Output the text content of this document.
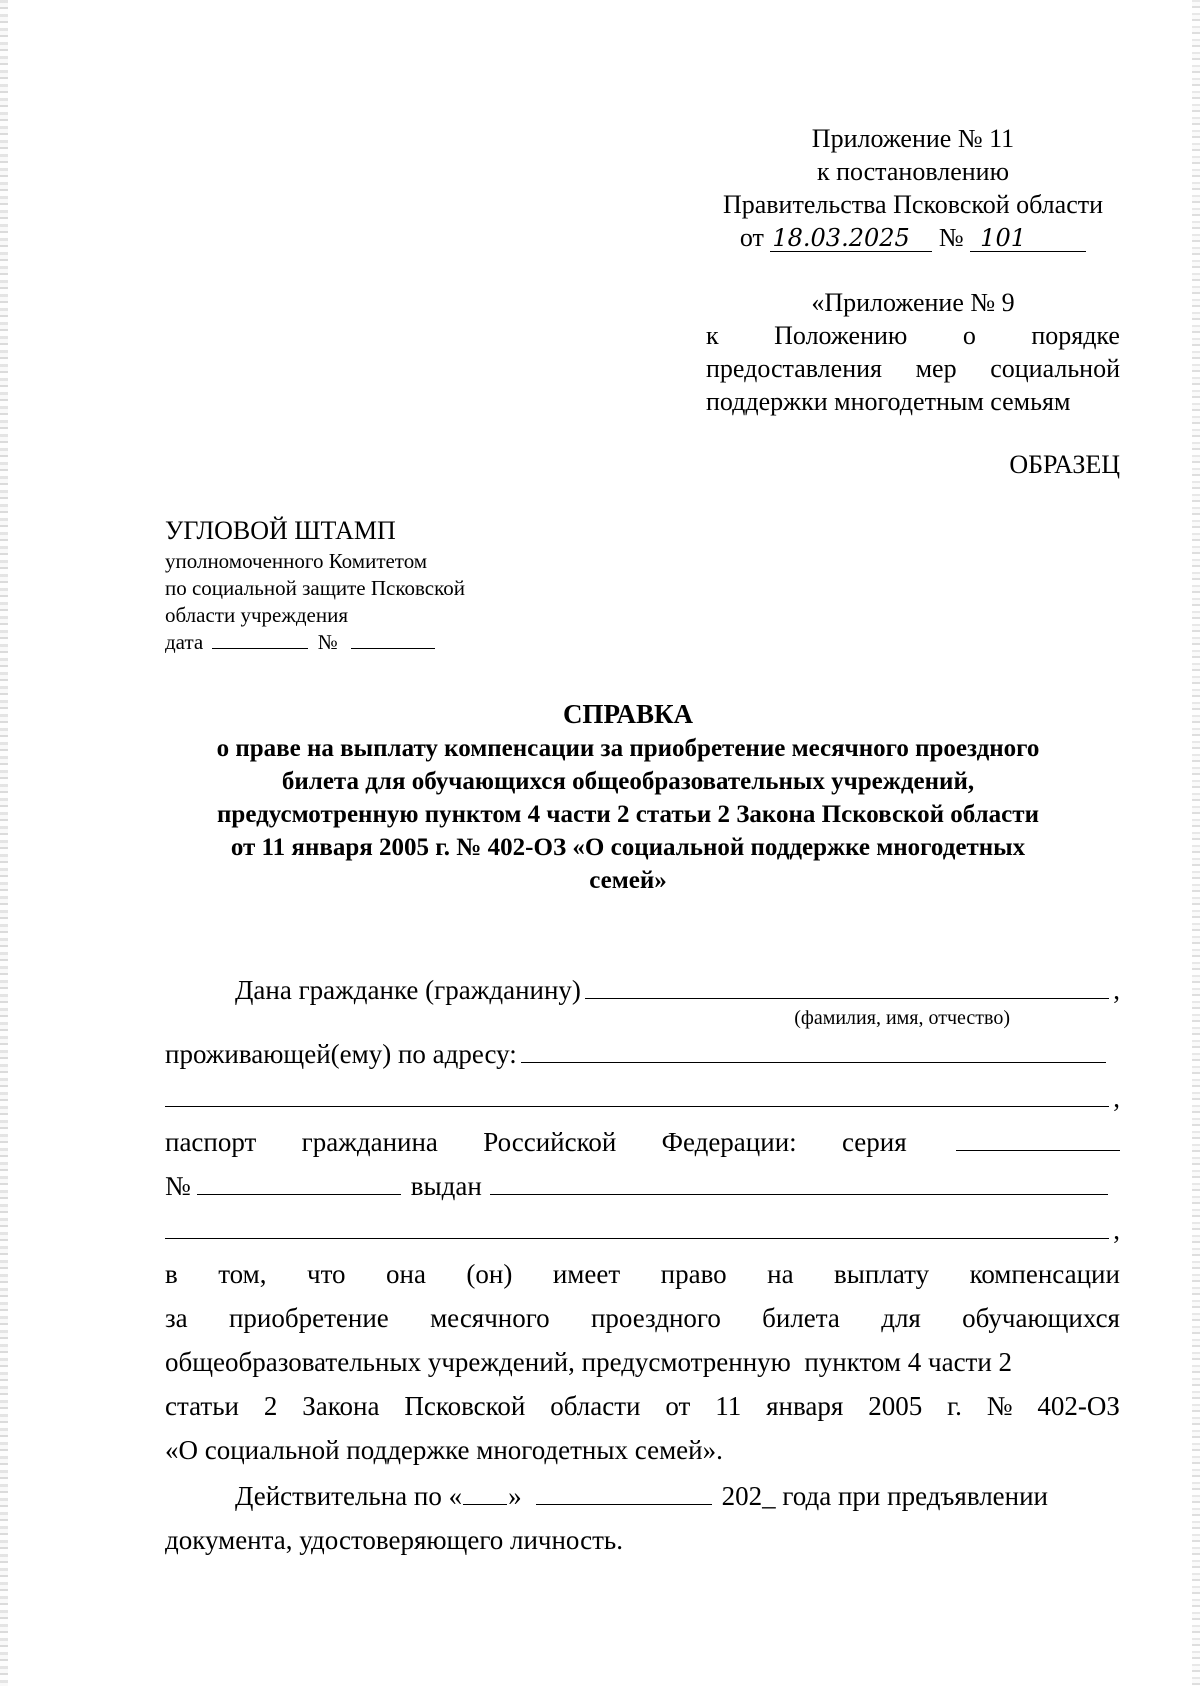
Приложение № 11
к постановлению
Правительства Псковской области
от 18.03.2025 № 101
«Приложение № 9
к Положению о порядке
предоставления мер социальной
поддержки многодетным семьям
ОБРАЗЕЦ
УГЛОВОЙ ШТАМП
уполномоченного Комитетом
по социальной защите Псковской
области учреждения
дата	№
СПРАВКА
о праве на выплату компенсации за приобретение месячного проездного
билета для обучающихся общеобразовательных учреждений,
предусмотренную пунктом 4 части 2 статьи 2 Закона Псковской области
от 11 января 2005 г. № 402-ОЗ «О социальной поддержке многодетных
семей»
Дана гражданке (гражданину)	,
(фамилия, имя, отчество)
проживающей(ему) по адресу:
,
паспорт гражданина Российской Федерации: серия
№	выдан
,
в том, что она (он) имеет право на выплату компенсации
за приобретение месячного проездного билета для обучающихся
общеобразовательных учреждений, предусмотренную  пунктом 4 части 2
статьи 2 Закона Псковской области от 11 января 2005 г. № 402-ОЗ
«О социальной поддержке многодетных семей».
Действительна по « »	202_ года при предъявлении
документа, удостоверяющего личность.
